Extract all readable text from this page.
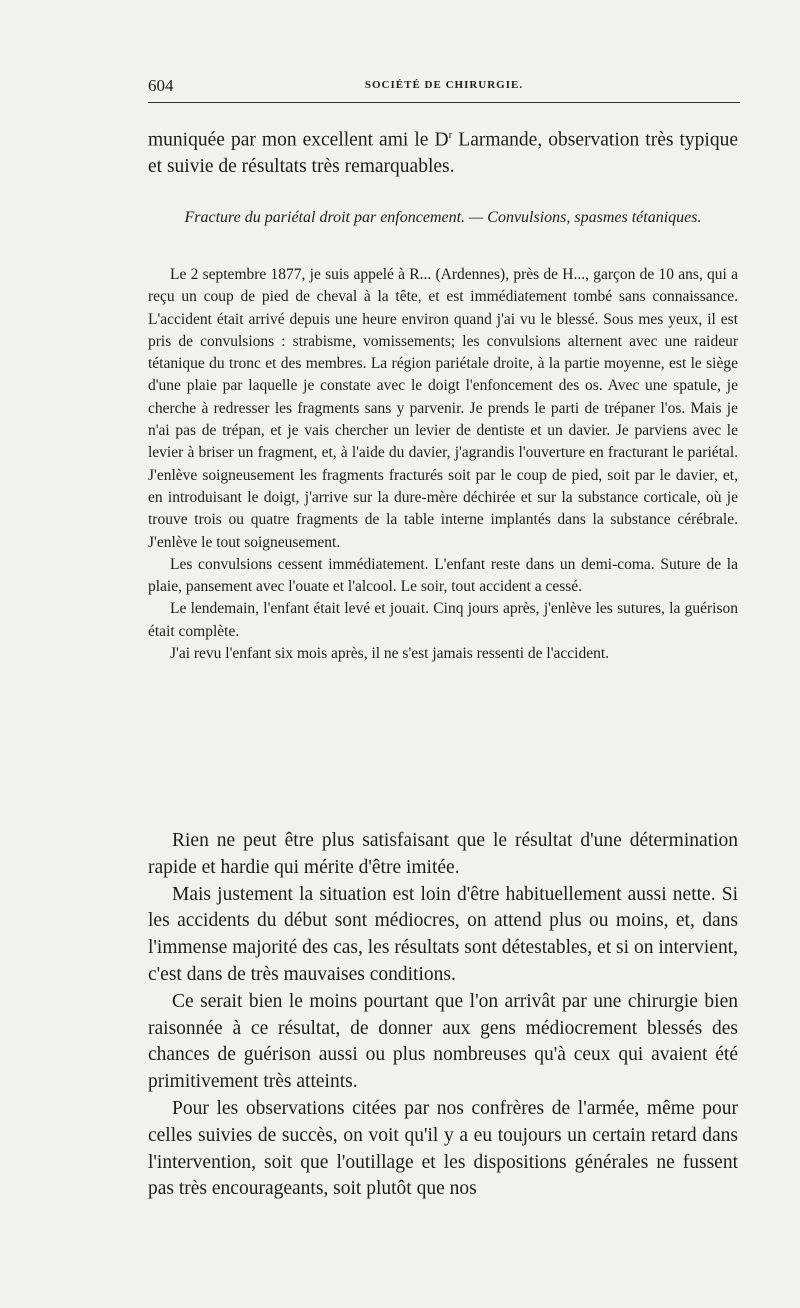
604	SOCIÉTÉ DE CHIRURGIE.
muniquée par mon excellent ami le $D^r$ Larmande, observation très typique et suivie de résultats très remarquables.
Fracture du pariétal droit par enfoncement. — Convulsions, spasmes tétaniques.

Le 2 septembre 1877, je suis appelé à R... (Ardennes), près de H..., garçon de 10 ans, qui a reçu un coup de pied de cheval à la tête, et est immédiatement tombé sans connaissance. L'accident était arrivé depuis une heure environ quand j'ai vu le blessé. Sous mes yeux, il est pris de convulsions : strabisme, vomissements; les convulsions alternent avec une raideur tétanique du tronc et des membres. La région pariétale droite, à la partie moyenne, est le siège d'une plaie par laquelle je constate avec le doigt l'enfoncement des os. Avec une spatule, je cherche à redresser les fragments sans y parvenir. Je prends le parti de trépaner l'os. Mais je n'ai pas de trépan, et je vais chercher un levier de dentiste et un davier. Je parviens avec le levier à briser un fragment, et, à l'aide du davier, j'agrandis l'ouverture en fracturant le pariétal. J'enlève soigneusement les fragments fracturés soit par le coup de pied, soit par le davier, et, en introduisant le doigt, j'arrive sur la dure-mère déchirée et sur la substance corticale, où je trouve trois ou quatre fragments de la table interne implantés dans la substance cérébrale. J'enlève le tout soigneusement.

Les convulsions cessent immédiatement. L'enfant reste dans un demi-coma. Suture de la plaie, pansement avec l'ouate et l'alcool. Le soir, tout accident a cessé.

Le lendemain, l'enfant était levé et jouait. Cinq jours après, j'enlève les sutures, la guérison était complète.

J'ai revu l'enfant six mois après, il ne s'est jamais ressenti de l'accident.

Rien ne peut être plus satisfaisant que le résultat d'une détermination rapide et hardie qui mérite d'être imitée.

Mais justement la situation est loin d'être habituellement aussi nette. Si les accidents du début sont médiocres, on attend plus ou moins, et, dans l'immense majorité des cas, les résultats sont détestables, et si on intervient, c'est dans de très mauvaises conditions.

Ce serait bien le moins pourtant que l'on arrivât par une chirurgie bien raisonnée à ce résultat, de donner aux gens médiocrement blessés des chances de guérison aussi ou plus nombreuses qu'à ceux qui avaient été primitivement très atteints.

Pour les observations citées par nos confrères de l'armée, même pour celles suivies de succès, on voit qu'il y a eu toujours un certain retard dans l'intervention, soit que l'outillage et les dispositions générales ne fussent pas très encourageants, soit plutôt que nos
